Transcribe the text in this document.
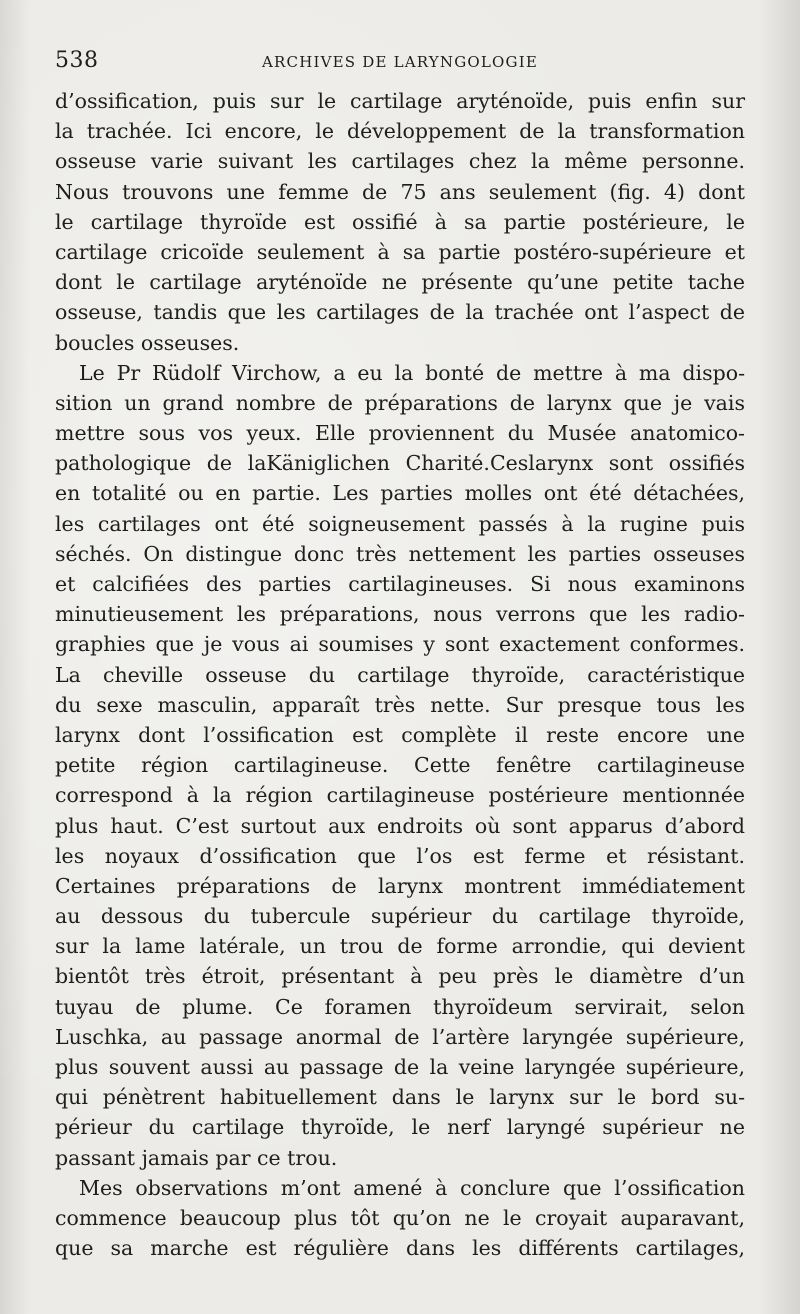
538	ARCHIVES DE LARYNGOLOGIE
d’ossification, puis sur le cartilage aryténoïde, puis enfin sur
la trachée. Ici encore, le développement de la transformation
osseuse varie suivant les cartilages chez la même personne.
Nous trouvons une femme de 75 ans seulement (fig. 4) dont
le cartilage thyroïde est ossifié à sa partie postérieure, le
cartilage cricoïde seulement à sa partie postéro-supérieure et
dont le cartilage aryténoïde ne présente qu’une petite tache
osseuse, tandis que les cartilages de la trachée ont l’aspect de
boucles osseuses.
Le Pr Rüdolf Virchow, a eu la bonté de mettre à ma dispo-
sition un grand nombre de préparations de larynx que je vais
mettre sous vos yeux. Elle proviennent du Musée anatomico-
pathologique de laKäniglichen Charité.Ceslarynx sont ossifiés
en totalité ou en partie. Les parties molles ont été détachées,
les cartilages ont été soigneusement passés à la rugine puis
séchés. On distingue donc très nettement les parties osseuses
et calcifiées des parties cartilagineuses. Si nous examinons
minutieusement les préparations, nous verrons que les radio-
graphies que je vous ai soumises y sont exactement conformes.
La cheville osseuse du cartilage thyroïde, caractéristique
du sexe masculin, apparaît très nette. Sur presque tous les
larynx dont l’ossification est complète il reste encore une
petite région cartilagineuse. Cette fenêtre cartilagineuse
correspond à la région cartilagineuse postérieure mentionnée
plus haut. C’est surtout aux endroits où sont apparus d’abord
les noyaux d’ossification que l’os est ferme et résistant.
Certaines préparations de larynx montrent immédiatement
au dessous du tubercule supérieur du cartilage thyroïde,
sur la lame latérale, un trou de forme arrondie, qui devient
bientôt très étroit, présentant à peu près le diamètre d’un
tuyau de plume. Ce foramen thyroïdeum servirait, selon
Luschka, au passage anormal de l’artère laryngée supérieure,
plus souvent aussi au passage de la veine laryngée supérieure,
qui pénètrent habituellement dans le larynx sur le bord su-
périeur du cartilage thyroïde, le nerf laryngé supérieur ne
passant jamais par ce trou.
Mes observations m’ont amené à conclure que l’ossification
commence beaucoup plus tôt qu’on ne le croyait auparavant,
que sa marche est régulière dans les différents cartilages,
